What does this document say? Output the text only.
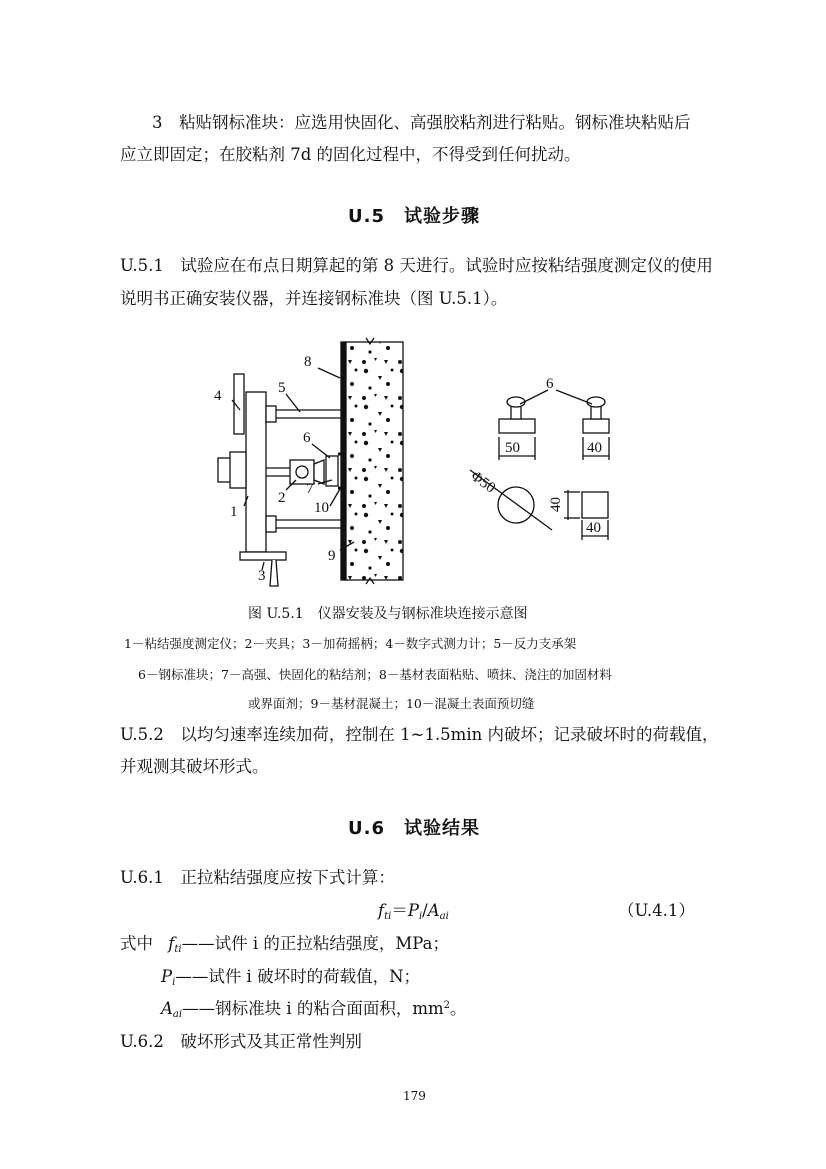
3　粘贴钢标准块：应选用快固化、高强胶粘剂进行粘贴。钢标准块粘贴后
应立即固定；在胶粘剂 7d 的固化过程中，不得受到任何扰动。
U.5　试验步骤
U.5.1　试验应在布点日期算起的第 8 天进行。试验时应按粘结强度测定仪的使用
说明书正确安装仪器，并连接钢标准块（图 U.5.1）。
8
4	5
6
2
7
10
1
9
3
6
50	40
Φ50
40
40
图 U.5.1　仪器安装及与钢标准块连接示意图
1－粘结强度测定仪；2－夹具；3－加荷摇柄；4－数字式测力计；5－反力支承架
6－钢标准块；7－高强、快固化的粘结剂；8－基材表面粘贴、喷抹、浇注的加固材料
或界面剂；9－基材混凝土；10－混凝土表面预切缝
U.5.2　以均匀速率连续加荷，控制在 1~1.5min 内破坏；记录破坏时的荷载值，
并观测其破坏形式。
U.6　试验结果
U.6.1　正拉粘结强度应按下式计算：
$f_{ti}=P_i/A_{ai}$	（U.4.1）
式中 $f_{ti}——$试件 i 的正拉粘结强度，MPa；
$P_i——$试件 i 破坏时的荷载值，N；
$A_{ai}——$钢标准块 i 的粘合面面积，$mm^2$。
U.6.2　破坏形式及其正常性判别
179
